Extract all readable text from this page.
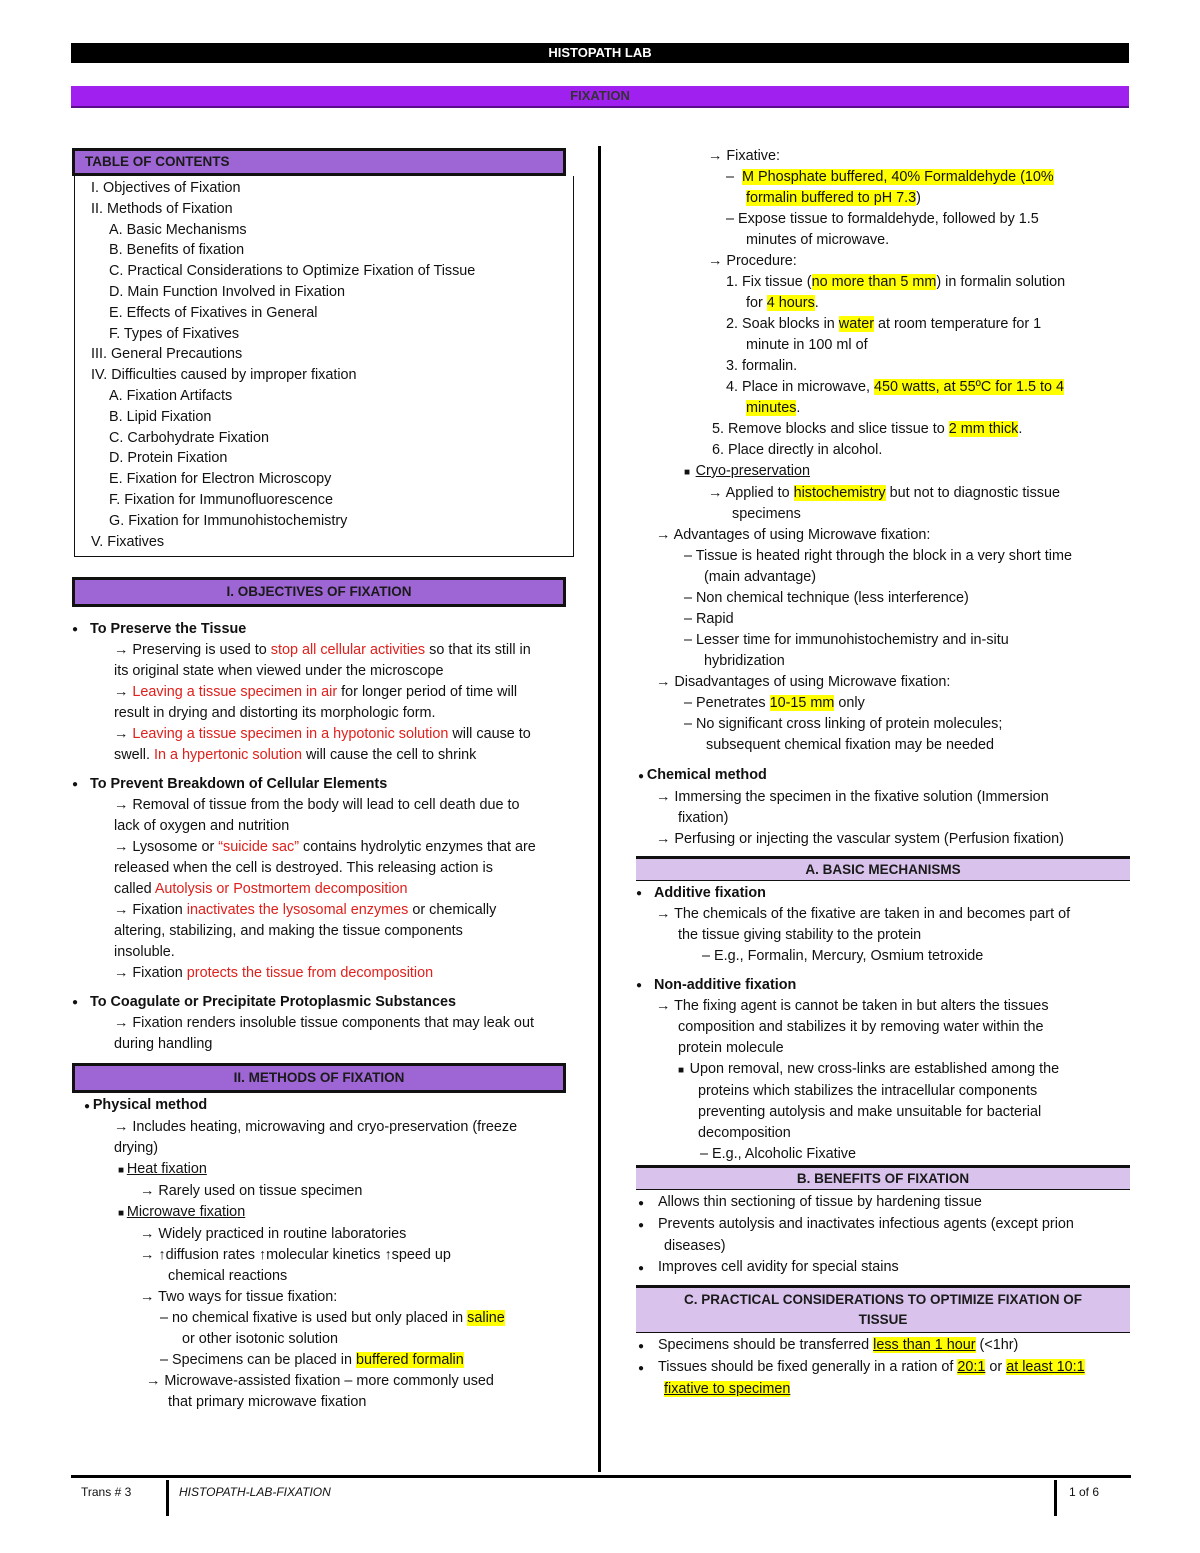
HISTOPATH LAB
FIXATION
TABLE OF CONTENTS
I. Objectives of Fixation
II. Methods of Fixation
A. Basic Mechanisms
B. Benefits of fixation
C. Practical Considerations to Optimize Fixation of Tissue
D. Main Function Involved in Fixation
E. Effects of Fixatives in General
F. Types of Fixatives
III. General Precautions
IV. Difficulties caused by improper fixation
A. Fixation Artifacts
B. Lipid Fixation
C. Carbohydrate Fixation
D. Protein Fixation
E. Fixation for Electron Microscopy
F. Fixation for Immunofluorescence
G. Fixation for Immunohistochemistry
V. Fixatives
I. OBJECTIVES OF FIXATION
● To Preserve the Tissue
→ Preserving is used to stop all cellular activities so that its still in
its original state when viewed under the microscope
→ Leaving a tissue specimen in air for longer period of time will
result in drying and distorting its morphologic form.
→ Leaving a tissue specimen in a hypotonic solution will cause to
swell. In a hypertonic solution will cause the cell to shrink
● To Prevent Breakdown of Cellular Elements
→ Removal of tissue from the body will lead to cell death due to
lack of oxygen and nutrition
→ Lysosome or “suicide sac” contains hydrolytic enzymes that are
released when the cell is destroyed. This releasing action is
called Autolysis or Postmortem decomposition
→ Fixation inactivates the lysosomal enzymes or chemically
altering, stabilizing, and making the tissue components
insoluble.
→ Fixation protects the tissue from decomposition
● To Coagulate or Precipitate Protoplasmic Substances
→ Fixation renders insoluble tissue components that may leak out
during handling
II. METHODS OF FIXATION
● Physical method
→ Includes heating, microwaving and cryo-preservation (freeze
drying)
■ Heat fixation
→ Rarely used on tissue specimen
■ Microwave fixation
→ Widely practiced in routine laboratories
→ ↑diffusion rates ↑molecular kinetics ↑speed up
chemical reactions
→ Two ways for tissue fixation:
– no chemical fixative is used but only placed in saline
or other isotonic solution
– Specimens can be placed in buffered formalin
→ Microwave-assisted fixation – more commonly used
that primary microwave fixation
→ Fixative:
–  M Phosphate buffered, 40% Formaldehyde (10%
formalin buffered to pH 7.3)
– Expose tissue to formaldehyde, followed by 1.5
minutes of microwave.
→ Procedure:
1. Fix tissue (no more than 5 mm) in formalin solution
for 4 hours.
2. Soak blocks in water at room temperature for 1
minute in 100 ml of
3. formalin.
4. Place in microwave, 450 watts, at 55ºC for 1.5 to 4
minutes.
5. Remove blocks and slice tissue to 2 mm thick.
6. Place directly in alcohol.
■  Cryo-preservation
→ Applied to histochemistry but not to diagnostic tissue
specimens
→ Advantages of using Microwave fixation:
– Tissue is heated right through the block in a very short time
(main advantage)
– Non chemical technique (less interference)
– Rapid
– Lesser time for immunohistochemistry and in-situ
hybridization
→ Disadvantages of using Microwave fixation:
– Penetrates 10-15 mm only
– No significant cross linking of protein molecules;
subsequent chemical fixation may be needed
● Chemical method
→ Immersing the specimen in the fixative solution (Immersion
fixation)
→ Perfusing or injecting the vascular system (Perfusion fixation)
A. BASIC MECHANISMS
● Additive fixation
→ The chemicals of the fixative are taken in and becomes part of
the tissue giving stability to the protein
– E.g., Formalin, Mercury, Osmium tetroxide
● Non-additive fixation
→ The fixing agent is cannot be taken in but alters the tissues
composition and stabilizes it by removing water within the
protein molecule
■  Upon removal, new cross-links are established among the
proteins which stabilizes the intracellular components
preventing autolysis and make unsuitable for bacterial
decomposition
– E.g., Alcoholic Fixative
B. BENEFITS OF FIXATION
●     Allows thin sectioning of tissue by hardening tissue
●     Prevents autolysis and inactivates infectious agents (except prion
diseases)
●     Improves cell avidity for special stains
C. PRACTICAL CONSIDERATIONS TO OPTIMIZE FIXATION OF
TISSUE
●     Specimens should be transferred less than 1 hour (<1hr)
●     Tissues should be fixed generally in a ration of 20:1 or at least 10:1
fixative to specimen
Trans # 3	HISTOPATH-LAB-FIXATION	1 of 6
